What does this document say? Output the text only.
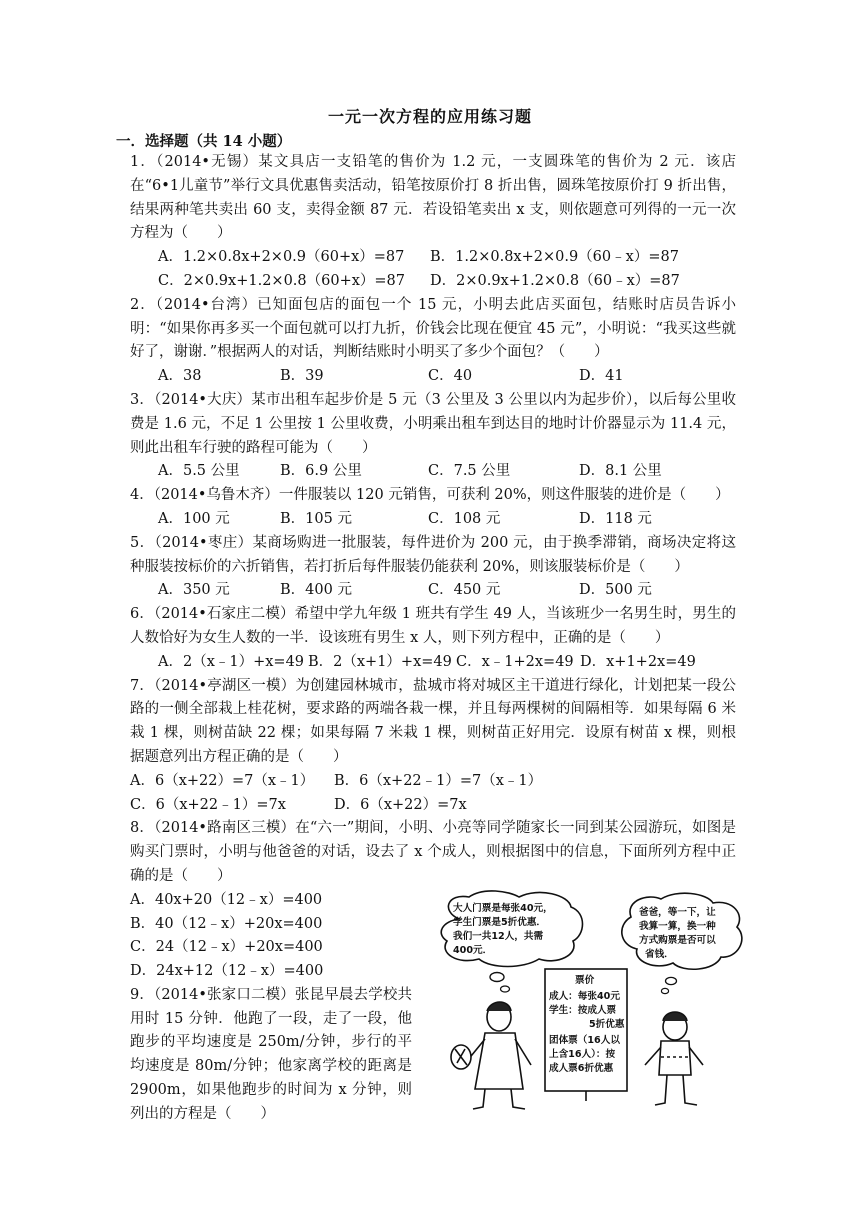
一元一次方程的应用练习题
一．选择题（共 14 小题）

1．（2014•无锡）某文具店一支铅笔的售价为 1.2 元，一支圆珠笔的售价为 2 元．该店在“6•1儿童节”举行文具优惠售卖活动，铅笔按原价打 8 折出售，圆珠笔按原价打 9 折出售，结果两种笔共卖出 60 支，卖得金额 87 元．若设铅笔卖出 x 支，则依题意可列得的一元一次方程为（　　）

A．1.2×0.8x+2×0.9（60+x）=87	B．1.2×0.8x+2×0.9（60﹣x）=87
C．2×0.9x+1.2×0.8（60+x）=87	D．2×0.9x+1.2×0.8（60﹣x）=87

2．（2014•台湾）已知面包店的面包一个 15 元，小明去此店买面包，结账时店员告诉小明：“如果你再多买一个面包就可以打九折，价钱会比现在便宜 45 元”，小明说：“我买这些就好了，谢谢．”根据两人的对话，判断结账时小明买了多少个面包？（　　）

A．38	B．39	C．40	D．41

3．（2014•大庆）某市出租车起步价是 5 元（3 公里及 3 公里以内为起步价），以后每公里收费是 1.6 元，不足 1 公里按 1 公里收费，小明乘出租车到达目的地时计价器显示为 11.4 元，则此出租车行驶的路程可能为（　　）

A．5.5 公里	B．6.9 公里	C．7.5 公里	D．8.1 公里

4．（2014•乌鲁木齐）一件服装以 120 元销售，可获利 20%，则这件服装的进价是（　　）

A．100 元	B．105 元	C．108 元	D．118 元

5．（2014•枣庄）某商场购进一批服装，每件进价为 200 元，由于换季滞销，商场决定将这种服装按标价的六折销售，若打折后每件服装仍能获利 20%，则该服装标价是（　　）

A．350 元	B．400 元	C．450 元	D．500 元

6．（2014•石家庄二模）希望中学九年级 1 班共有学生 49 人，当该班少一名男生时，男生的人数恰好为女生人数的一半．设该班有男生 x 人，则下列方程中，正确的是（　　）

A．2（x﹣1）+x=49 B．2（x+1）+x=49 C．x﹣1+2x=49 D．x+1+2x=49

7．（2014•亭湖区一模）为创建园林城市，盐城市将对城区主干道进行绿化，计划把某一段公路的一侧全部栽上桂花树，要求路的两端各栽一棵，并且每两棵树的间隔相等．如果每隔 6 米栽 1 棵，则树苗缺 22 棵；如果每隔 7 米栽 1 棵，则树苗正好用完．设原有树苗 x 棵，则根据题意列出方程正确的是（　　）

A．6（x+22）=7（x﹣1）	B．6（x+22﹣1）=7（x﹣1）
C．6（x+22﹣1）=7x	D．6（x+22）=7x

8．（2014•路南区三模）在“六一”期间，小明、小亮等同学随家长一同到某公园游玩，如图是购买门票时，小明与他爸爸的对话，设去了 x 个成人，则根据图中的信息，下面所列方程中正确的是（　　）

A．40x+20（12﹣x）=400
B．40（12﹣x）+20x=400
C．24（12﹣x）+20x=400
D．24x+12（12﹣x）=400

9．（2014•张家口二模）张昆早晨去学校共用时 15 分钟．他跑了一段，走了一段，他跑步的平均速度是 250m/分钟，步行的平均速度是 80m/分钟；他家离学校的距离是 2900m，如果他跑步的时间为 x 分钟，则列出的方程是（　　）

大人门票是每张40元，
学生门票是5折优惠．
我们一共12人，共需
400元．
爸爸，等一下，让
我算一算，换一种
方式购票是否可以
省钱．
票价
成人：每张40元
学生：按成人票
5折优惠
团体票（16人以
上含16人）：按
成人票6折优惠
